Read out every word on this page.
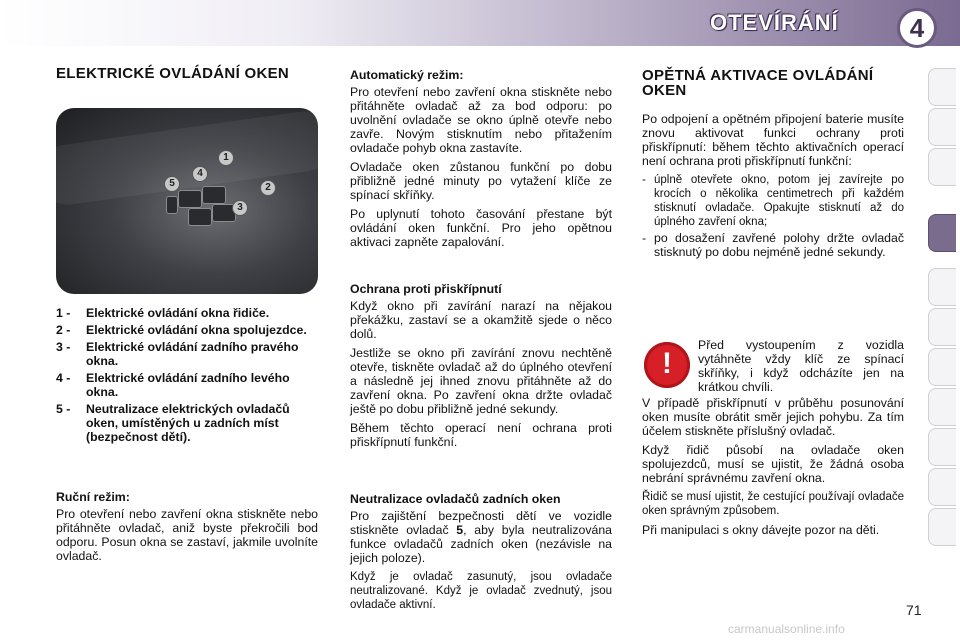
OTEVÍRÁNÍ	4
ELEKTRICKÉ OVLÁDÁNÍ OKEN
1
2
3
4
5
1 -	Elektrické ovládání okna řidiče.
2 -	Elektrické ovládání okna spolujezdce.
3 -	Elektrické ovládání zadního pravého okna.
4 -	Elektrické ovládání zadního levého okna.
5 -	Neutralizace elektrických ovladačů oken, umístěných u zadních míst (bezpečnost dětí).
Ruční režim:

Pro otevření nebo zavření okna stiskněte nebo přitáhněte ovladač, aniž byste překročili bod odporu. Posun okna se zastaví, jakmile uvolníte ovladač.

Automatický režim:

Pro otevření nebo zavření okna stiskněte nebo přitáhněte ovladač až za bod odporu: po uvolnění ovladače se okno úplně otevře nebo zavře. Novým stisknutím nebo přitažením ovladače pohyb okna zastavíte.

Ovladače oken zůstanou funkční po dobu přibližně jedné minuty po vytažení klíče ze spínací skříňky.

Po uplynutí tohoto časování přestane být ovládání oken funkční. Pro jeho opětnou aktivaci zapněte zapalování.

Ochrana proti přiskřípnutí

Když okno při zavírání narazí na nějakou překážku, zastaví se a okamžitě sjede o něco dolů.

Jestliže se okno při zavírání znovu nechtěně otevře, tiskněte ovladač až do úplného otevření a následně jej ihned znovu přitáhněte až do zavření okna. Po zavření okna držte ovladač ještě po dobu přibližně jedné sekundy.

Během těchto operací není ochrana proti přiskřípnutí funkční.

Neutralizace ovladačů zadních oken

Pro zajištění bezpečnosti dětí ve vozidle stiskněte ovladač 5, aby byla neutralizována funkce ovladačů zadních oken (nezávisle na jejich poloze).

Když je ovladač zasunutý, jsou ovladače neutralizované. Když je ovladač zvednutý, jsou ovladače aktivní.

OPĚTNÁ AKTIVACE OVLÁDÁNÍ OKEN

Po odpojení a opětném připojení baterie musíte znovu aktivovat funkci ochrany proti přiskřípnutí: během těchto aktivačních operací není ochrana proti přiskřípnutí funkční:

- úplně otevřete okno, potom jej zavírejte po krocích o několika centimetrech při každém stisknutí ovladače. Opakujte stisknutí až do úplného zavření okna;
- po dosažení zavřené polohy držte ovladač stisknutý po dobu nejméně jedné sekundy.
!

Před vystoupením z vozidla vytáhněte vždy klíč ze spínací skříňky, i když odcházíte jen na krátkou chvíli.

V případě přiskřípnutí v průběhu posunování oken musíte obrátit směr jejich pohybu. Za tím účelem stiskněte příslušný ovladač.

Když řidič působí na ovladače oken spolujezdců, musí se ujistit, že žádná osoba nebrání správnému zavření okna.

Řidič se musí ujistit, že cestující používají ovladače oken správným způsobem.

Při manipulaci s okny dávejte pozor na děti.

71
carmanualsonline.info
